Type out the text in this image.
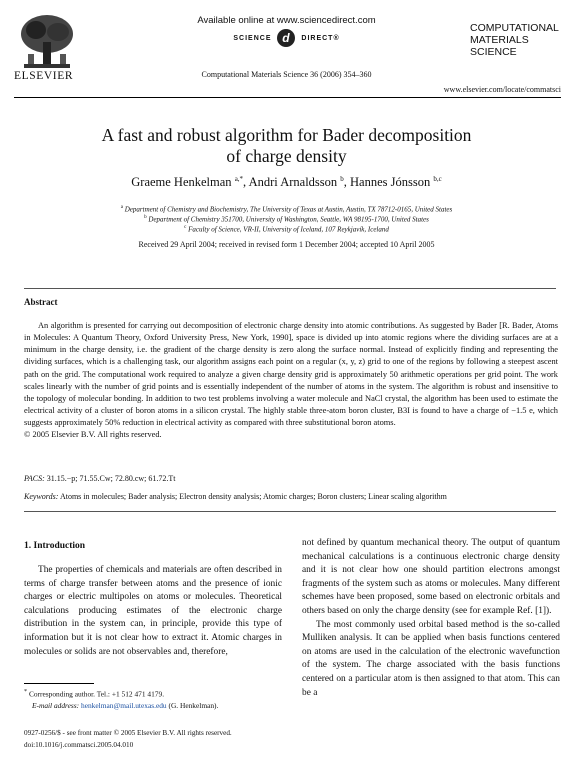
ELSEVIER
Available online at www.sciencedirect.com
SCIENCE d DIRECT®
Computational Materials Science 36 (2006) 354–360
COMPUTATIONAL
MATERIALS
SCIENCE
www.elsevier.com/locate/commatsci
A fast and robust algorithm for Bader decomposition
of charge density
Graeme Henkelman $^{a,*}$, Andri Arnaldsson $^b$, Hannes Jónsson $^{b,c}$
$^a$ Department of Chemistry and Biochemistry, The University of Texas at Austin, Austin, TX 78712-0165, United States
$^b$ Department of Chemistry 351700, University of Washington, Seattle, WA 98195-1700, United States
$^c$ Faculty of Science, VR-II, University of Iceland, 107 Reykjavík, Iceland
Received 29 April 2004; received in revised form 1 December 2004; accepted 10 April 2005
Abstract
An algorithm is presented for carrying out decomposition of electronic charge density into atomic contributions. As suggested by Bader [R. Bader, Atoms in Molecules: A Quantum Theory, Oxford University Press, New York, 1990], space is divided up into atomic regions where the dividing surfaces are at a minimum in the charge density, i.e. the gradient of the charge density is zero along the surface normal. Instead of explicitly finding and representing the dividing surfaces, which is a challenging task, our algorithm assigns each point on a regular (x, y, z) grid to one of the regions by following a steepest ascent path on the grid. The computational work required to analyze a given charge density grid is approximately 50 arithmetic operations per grid point. The work scales linearly with the number of grid points and is essentially independent of the number of atoms in the system. The algorithm is robust and insensitive to the topology of molecular bonding. In addition to two test problems involving a water molecule and NaCl crystal, the algorithm has been used to estimate the electrical activity of a cluster of boron atoms in a silicon crystal. The highly stable three-atom boron cluster, B3I is found to have a charge of −1.5 e, which suggests approximately 50% reduction in electrical activity as compared with three substitutional boron atoms.
© 2005 Elsevier B.V. All rights reserved.
PACS: 31.15.−p; 71.55.Cw; 72.80.cw; 61.72.Tt
Keywords: Atoms in molecules; Bader analysis; Electron density analysis; Atomic charges; Boron clusters; Linear scaling algorithm
1. Introduction
The properties of chemicals and materials are often described in terms of charge transfer between atoms and the presence of ionic charges or electric multipoles on atoms or molecules. Theoretical calculations producing estimates of the electronic charge distribution in the system can, in principle, provide this type of information but it is not clear how to extract it. Atomic charges in molecules or solids are not observables and, therefore,
not defined by quantum mechanical theory. The output of quantum mechanical calculations is a continuous electronic charge density and it is not clear how one should partition electrons amongst fragments of the system such as atoms or molecules. Many different schemes have been proposed, some based on electronic orbitals and others based on only the charge density (see for example Ref. [1]).
The most commonly used orbital based method is the so-called Mulliken analysis. It can be applied when basis functions centered on atoms are used in the calculation of the electronic wavefunction of the system. The charge associated with the basis functions centered on a particular atom is then assigned to that atom. This can be a
* Corresponding author. Tel.: +1 512 471 4179.
E-mail address: henkelman@mail.utexas.edu (G. Henkelman).
0927-0256/$ - see front matter © 2005 Elsevier B.V. All rights reserved.
doi:10.1016/j.commatsci.2005.04.010
